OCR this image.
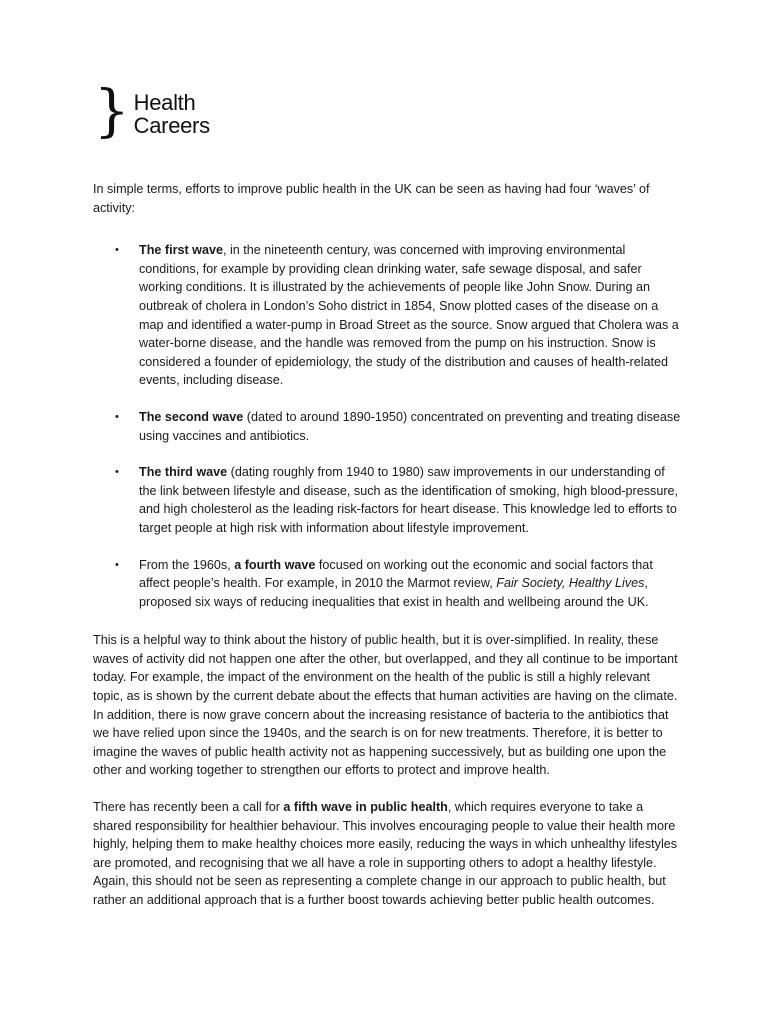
} Health
Careers

In simple terms, efforts to improve public health in the UK can be seen as having had four ‘waves’ of activity:

• The first wave, in the nineteenth century, was concerned with improving environmental conditions, for example by providing clean drinking water, safe sewage disposal, and safer working conditions. It is illustrated by the achievements of people like John Snow. During an outbreak of cholera in London’s Soho district in 1854, Snow plotted cases of the disease on a map and identified a water-pump in Broad Street as the source. Snow argued that Cholera was a water-borne disease, and the handle was removed from the pump on his instruction. Snow is considered a founder of epidemiology, the study of the distribution and causes of health-related events, including disease.
• The second wave (dated to around 1890-1950) concentrated on preventing and treating disease using vaccines and antibiotics.
• The third wave (dating roughly from 1940 to 1980) saw improvements in our understanding of the link between lifestyle and disease, such as the identification of smoking, high blood-pressure, and high cholesterol as the leading risk-factors for heart disease. This knowledge led to efforts to target people at high risk with information about lifestyle improvement.
• From the 1960s, a fourth wave focused on working out the economic and social factors that affect people’s health. For example, in 2010 the Marmot review, Fair Society, Healthy Lives, proposed six ways of reducing inequalities that exist in health and wellbeing around the UK.

This is a helpful way to think about the history of public health, but it is over-simplified. In reality, these waves of activity did not happen one after the other, but overlapped, and they all continue to be important today. For example, the impact of the environment on the health of the public is still a highly relevant topic, as is shown by the current debate about the effects that human activities are having on the climate. In addition, there is now grave concern about the increasing resistance of bacteria to the antibiotics that we have relied upon since the 1940s, and the search is on for new treatments. Therefore, it is better to imagine the waves of public health activity not as happening successively, but as building one upon the other and working together to strengthen our efforts to protect and improve health.

There has recently been a call for a fifth wave in public health, which requires everyone to take a shared responsibility for healthier behaviour. This involves encouraging people to value their health more highly, helping them to make healthy choices more easily, reducing the ways in which unhealthy lifestyles are promoted, and recognising that we all have a role in supporting others to adopt a healthy lifestyle. Again, this should not be seen as representing a complete change in our approach to public health, but rather an additional approach that is a further boost towards achieving better public health outcomes.
